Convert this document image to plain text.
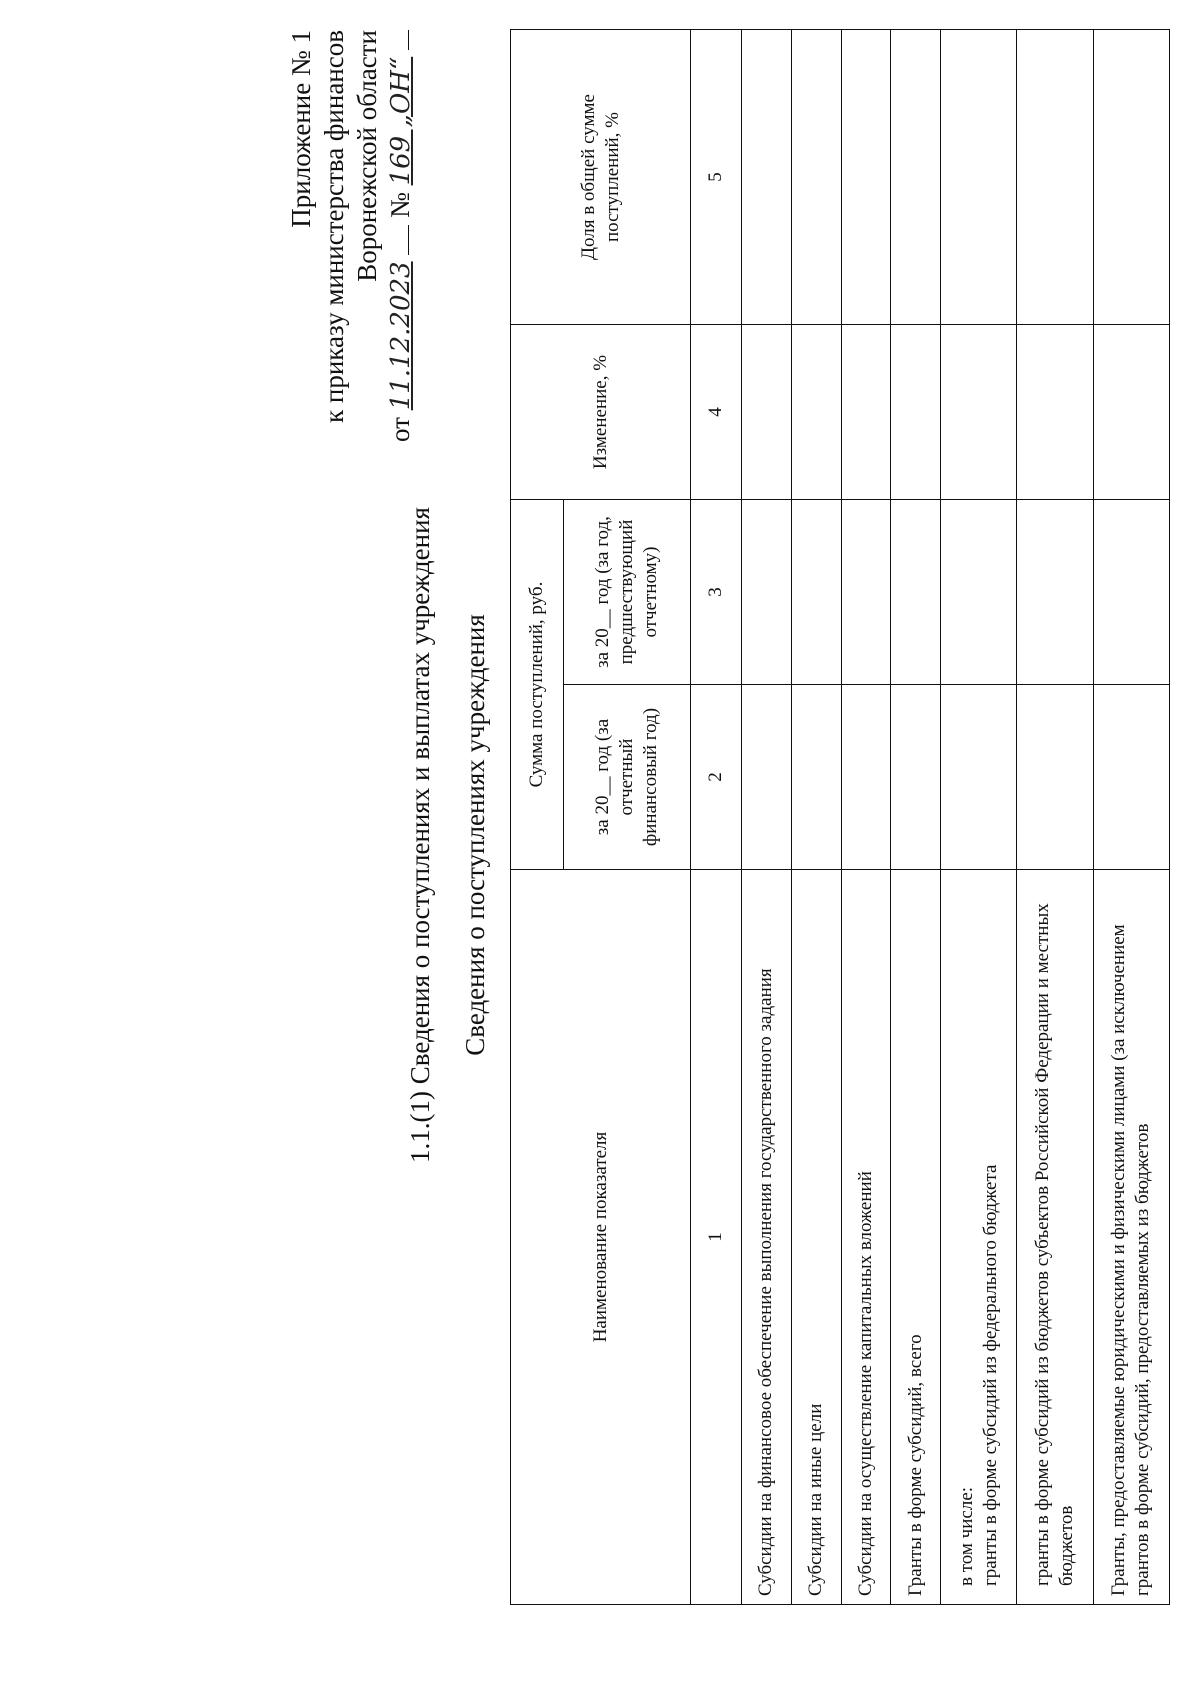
Приложение № 1 к приказу министерства финансов Воронежской области
от 11.12.2023  № 169 „ОН“
1.1.(1) Сведения о поступлениях и выплатах учреждения Сведения о поступлениях учреждения
Наименование показателя	Сумма поступлений, руб.		Изменение, %	Доля в общей сумме поступлений, %
	за 20__ год (за отчетный финансовый год)	за 20__ год (за год, предшествующий отчетному)		
1	2	3	4	5
Субсидии на финансовое обеспечение выполнения государственного задания				
Субсидии на иные цели				
Субсидии на осуществление капитальных вложений				
Гранты в форме субсидий, всего				

в том числе: гранты в форме субсидий из федерального бюджета				

гранты в форме субсидий из бюджетов субъектов Российской Федерации и местных бюджетов				

Гранты, предоставляемые юридическими и физическими лицами (за исключением грантов в форме субсидий, предоставляемых из бюджетов				
